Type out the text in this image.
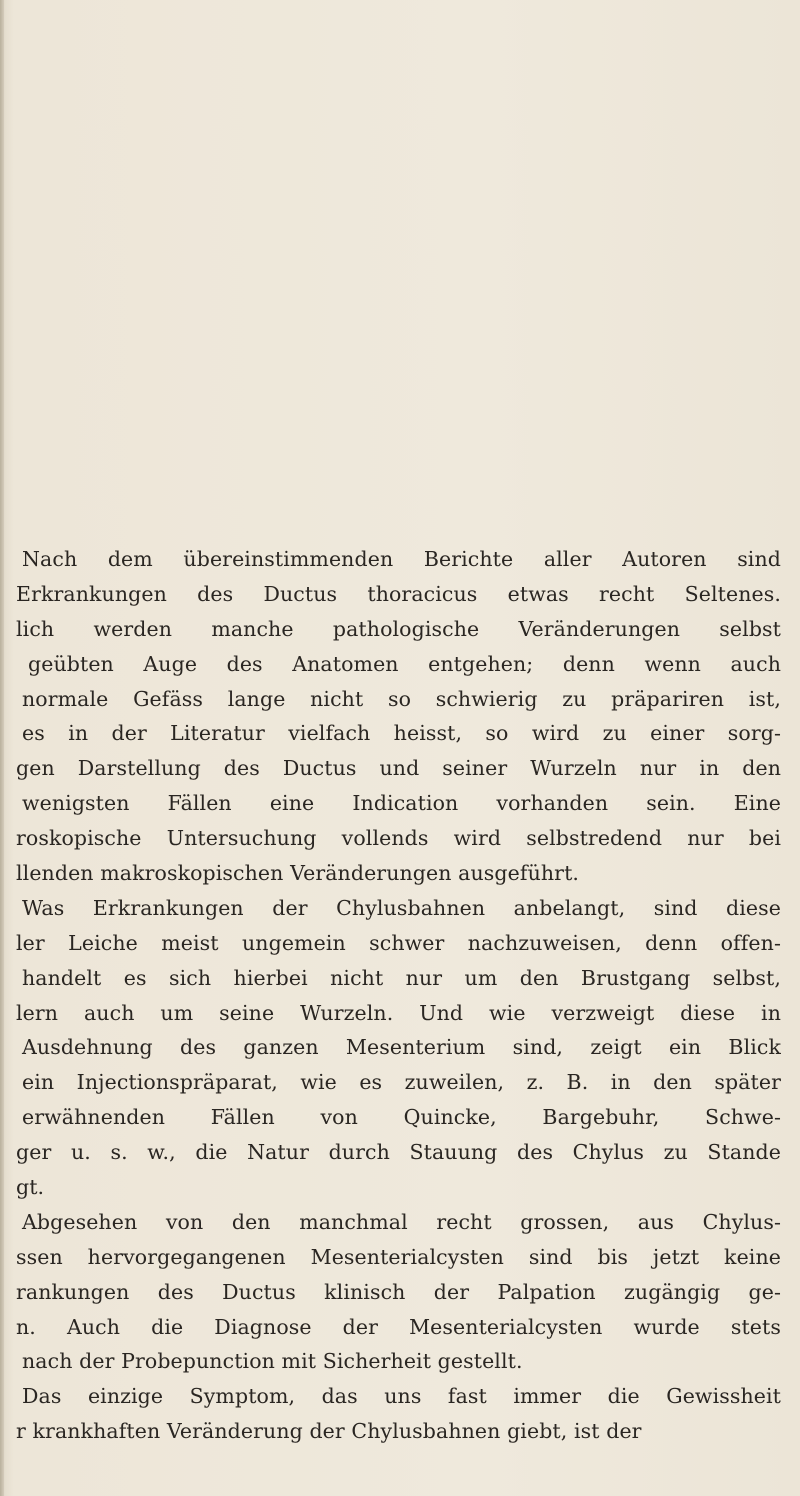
Nach dem übereinstimmenden Berichte aller Autoren sind
Erkrankungen des Ductus thoracicus etwas recht Seltenes.
lich werden manche pathologische Veränderungen selbst
geübten Auge des Anatomen entgehen; denn wenn auch
normale Gefäss lange nicht so schwierig zu präpariren ist,
es in der Literatur vielfach heisst, so wird zu einer sorg-
gen Darstellung des Ductus und seiner Wurzeln nur in den
wenigsten Fällen eine Indication vorhanden sein. Eine
roskopische Untersuchung vollends wird selbstredend nur bei
llenden makroskopischen Veränderungen ausgeführt.
Was Erkrankungen der Chylusbahnen anbelangt, sind diese
ler Leiche meist ungemein schwer nachzuweisen, denn offen-
handelt es sich hierbei nicht nur um den Brustgang selbst,
lern auch um seine Wurzeln. Und wie verzweigt diese in
Ausdehnung des ganzen Mesenterium sind, zeigt ein Blick
ein Injectionspräparat, wie es zuweilen, z. B. in den später
erwähnenden Fällen von Quincke, Bargebuhr, Schwe-
ger u. s. w., die Natur durch Stauung des Chylus zu Stande
gt.
Abgesehen von den manchmal recht grossen, aus Chylus-
ssen hervorgegangenen Mesenterialcysten sind bis jetzt keine
rankungen des Ductus klinisch der Palpation zugängig ge-
n. Auch die Diagnose der Mesenterialcysten wurde stets
nach der Probepunction mit Sicherheit gestellt.
Das einzige Symptom, das uns fast immer die Gewissheit
r krankhaften Veränderung der Chylusbahnen giebt, ist der
